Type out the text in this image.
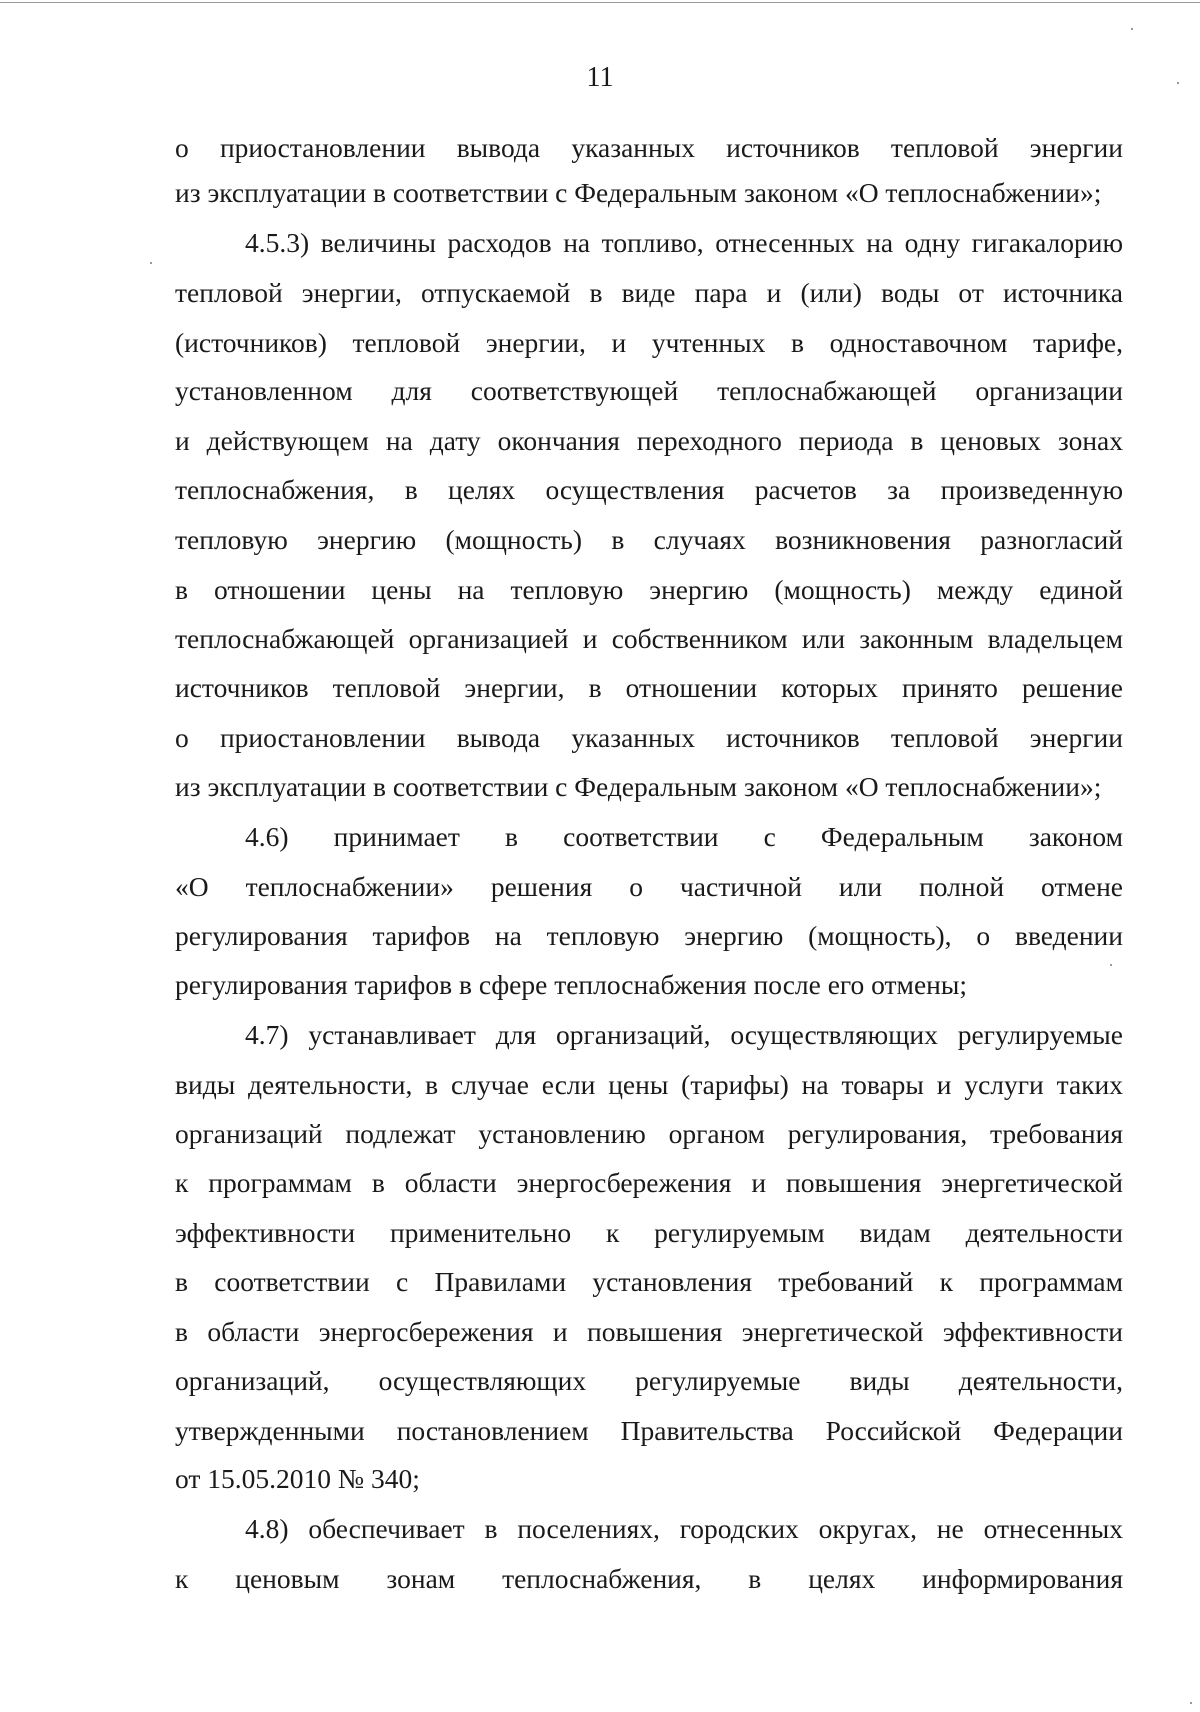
11
о приостановлении вывода указанных источников тепловой энергии
из эксплуатации в соответствии с Федеральным законом «О теплоснабжении»;
4.5.3) величины расходов на топливо, отнесенных на одну гигакалорию
тепловой энергии, отпускаемой в виде пара и (или) воды от источника
(источников) тепловой энергии, и учтенных в одноставочном тарифе,
установленном для соответствующей теплоснабжающей организации
и действующем на дату окончания переходного периода в ценовых зонах
теплоснабжения, в целях осуществления расчетов за произведенную
тепловую энергию (мощность) в случаях возникновения разногласий
в отношении цены на тепловую энергию (мощность) между единой
теплоснабжающей организацией и собственником или законным владельцем
источников тепловой энергии, в отношении которых принято решение
о приостановлении вывода указанных источников тепловой энергии
из эксплуатации в соответствии с Федеральным законом «О теплоснабжении»;
4.6) принимает в соответствии с Федеральным законом
«О теплоснабжении» решения о частичной или полной отмене
регулирования тарифов на тепловую энергию (мощность), о введении
регулирования тарифов в сфере теплоснабжения после его отмены;
4.7) устанавливает для организаций, осуществляющих регулируемые
виды деятельности, в случае если цены (тарифы) на товары и услуги таких
организаций подлежат установлению органом регулирования, требования
к программам в области энергосбережения и повышения энергетической
эффективности применительно к регулируемым видам деятельности
в соответствии с Правилами установления требований к программам
в области энергосбережения и повышения энергетической эффективности
организаций, осуществляющих регулируемые виды деятельности,
утвержденными постановлением Правительства Российской Федерации
от 15.05.2010 № 340;
4.8) обеспечивает в поселениях, городских округах, не отнесенных
к ценовым зонам теплоснабжения, в целях информирования
